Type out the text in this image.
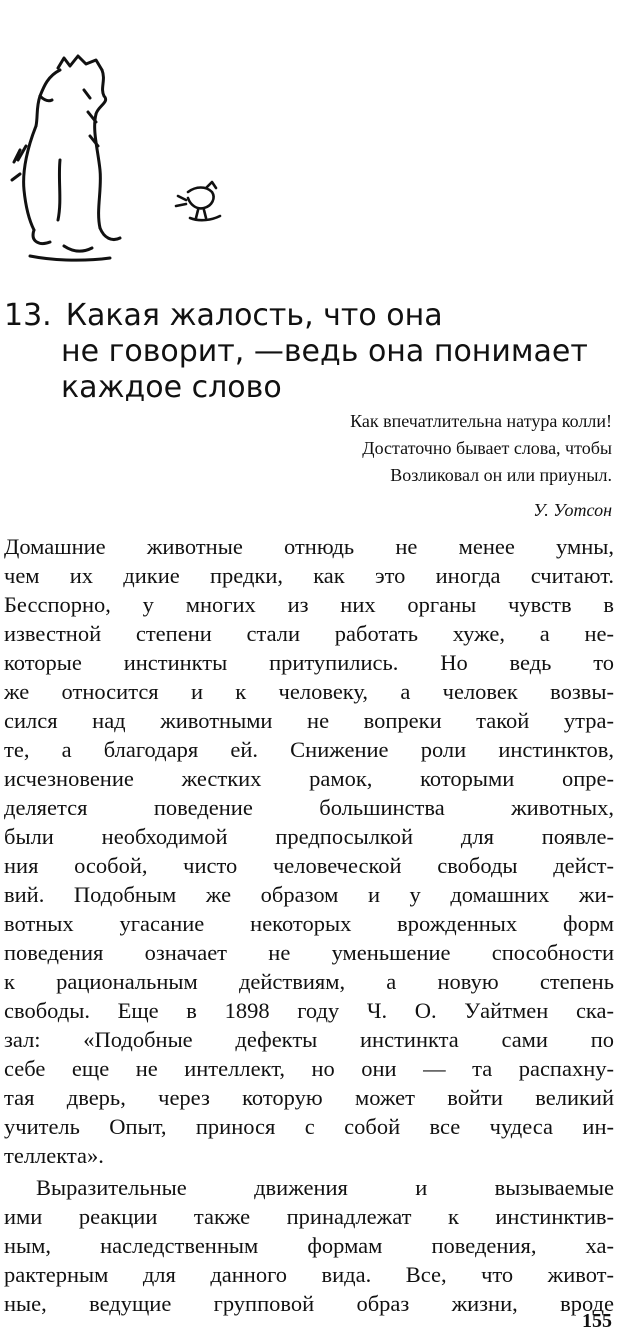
13. Какая жалость, что она
не говорит, —ведь она понимает
каждое слово
Как впечатлительна натура колли!
Достаточно бывает слова, чтобы
Возликовал он или приуныл.
У. Уотсон
Домашние животные отнюдь не менее умны,
чем их дикие предки, как это иногда считают.
Бесспорно, у многих из них органы чувств в
известной степени стали работать хуже, а не-
которые инстинкты притупились. Но ведь то
же относится и к человеку, а человек возвы-
сился над животными не вопреки такой утра-
те, а благодаря ей. Снижение роли инстинктов,
исчезновение жестких рамок, которыми опре-
деляется поведение большинства животных,
были необходимой предпосылкой для появле-
ния особой, чисто человеческой свободы дейст-
вий. Подобным же образом и у домашних жи-
вотных угасание некоторых врожденных форм
поведения означает не уменьшение способности
к рациональным действиям, а новую степень
свободы. Еще в 1898 году Ч. О. Уайтмен ска-
зал: «Подобные дефекты инстинкта сами по
себе еще не интеллект, но они — та распахну-
тая дверь, через которую может войти великий
учитель Опыт, принося с собой все чудеса ин-
теллекта».
Выразительные движения и вызываемые
ими реакции также принадлежат к инстинктив-
ным, наследственным формам поведения, ха-
рактерным для данного вида. Все, что живот-
ные, ведущие групповой образ жизни, вроде
155
